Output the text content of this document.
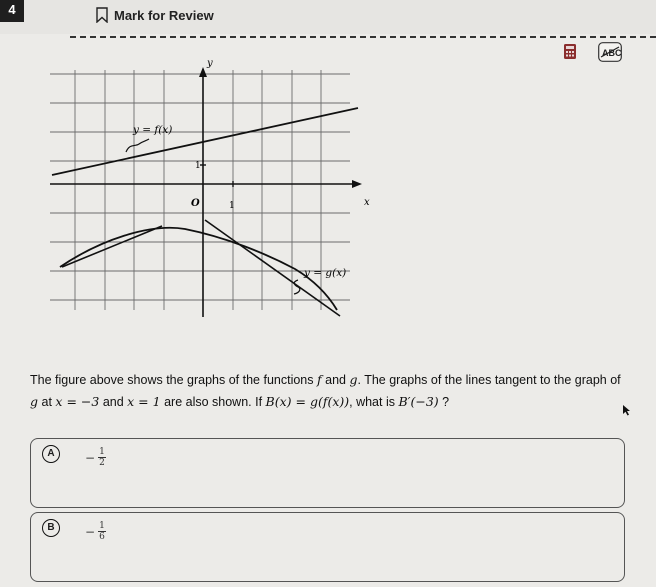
4	Mark for Review
ABC
y
x
O	1
1
y = f(x)
y = g(x)
The figure above shows the graphs of the functions f and g. The graphs of the lines tangent to the graph of
g at x = −3 and x = 1 are also shown. If B(x) = g(f(x)), what is B′(−3) ?
A	− $\frac{1}{2}$
B	− $\frac{1}{6}$
